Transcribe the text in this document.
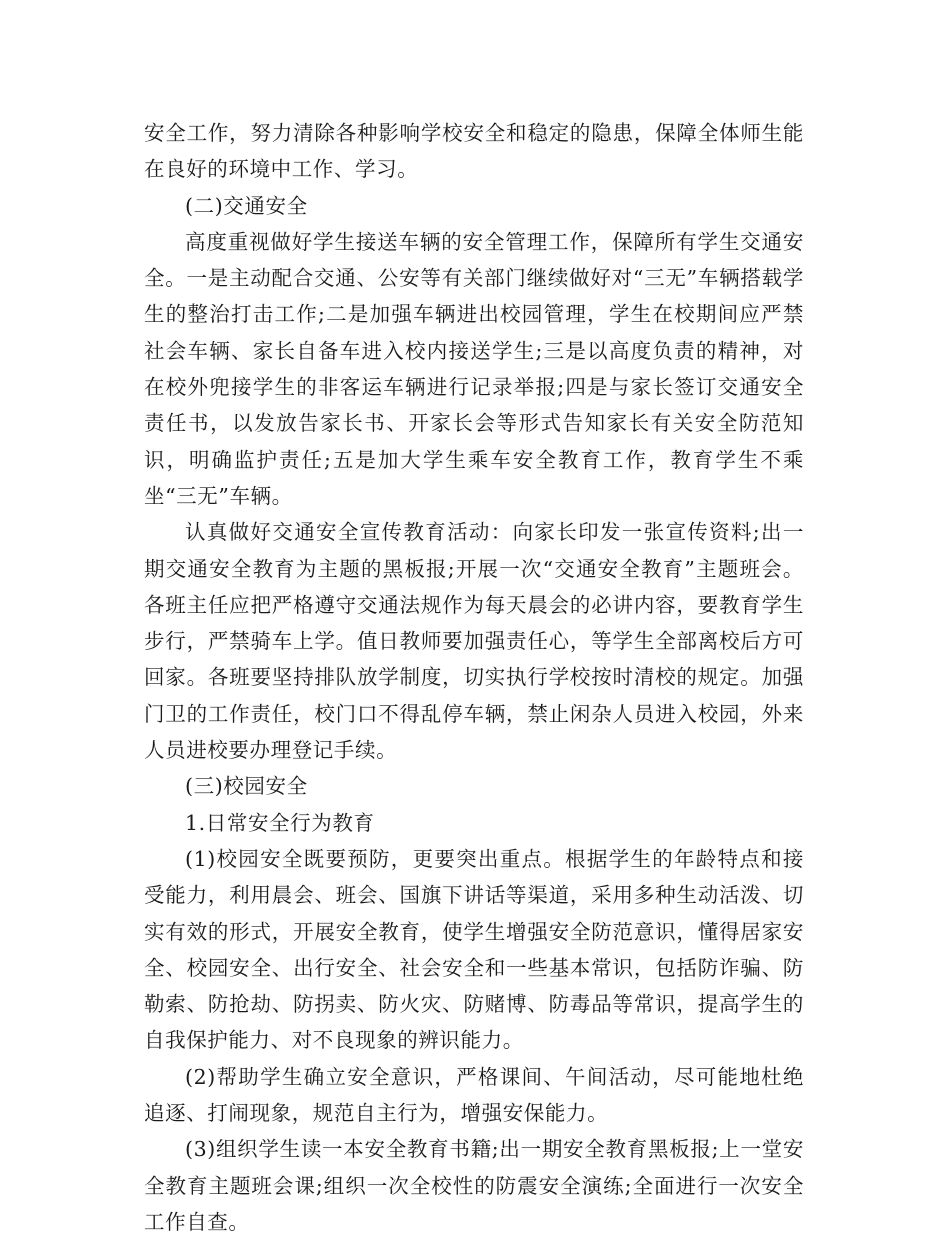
安全工作，努力清除各种影响学校安全和稳定的隐患，保障全体师生能在良好的环境中工作、学习。

(二)交通安全

高度重视做好学生接送车辆的安全管理工作，保障所有学生交通安全。一是主动配合交通、公安等有关部门继续做好对“三无”车辆搭载学生的整治打击工作;二是加强车辆进出校园管理，学生在校期间应严禁社会车辆、家长自备车进入校内接送学生;三是以高度负责的精神，对在校外兜接学生的非客运车辆进行记录举报;四是与家长签订交通安全责任书，以发放告家长书、开家长会等形式告知家长有关安全防范知识，明确监护责任;五是加大学生乘车安全教育工作，教育学生不乘坐“三无”车辆。

认真做好交通安全宣传教育活动：向家长印发一张宣传资料;出一期交通安全教育为主题的黑板报;开展一次“交通安全教育”主题班会。各班主任应把严格遵守交通法规作为每天晨会的必讲内容，要教育学生步行，严禁骑车上学。值日教师要加强责任心，等学生全部离校后方可回家。各班要坚持排队放学制度，切实执行学校按时清校的规定。加强门卫的工作责任，校门口不得乱停车辆，禁止闲杂人员进入校园，外来人员进校要办理登记手续。

(三)校园安全

1.日常安全行为教育

(1)校园安全既要预防，更要突出重点。根据学生的年龄特点和接受能力，利用晨会、班会、国旗下讲话等渠道，采用多种生动活泼、切实有效的形式，开展安全教育，使学生增强安全防范意识，懂得居家安全、校园安全、出行安全、社会安全和一些基本常识，包括防诈骗、防勒索、防抢劫、防拐卖、防火灾、防赌博、防毒品等常识，提高学生的自我保护能力、对不良现象的辨识能力。

(2)帮助学生确立安全意识，严格课间、午间活动，尽可能地杜绝追逐、打闹现象，规范自主行为，增强安保能力。

(3)组织学生读一本安全教育书籍;出一期安全教育黑板报;上一堂安全教育主题班会课;组织一次全校性的防震安全演练;全面进行一次安全工作自查。
